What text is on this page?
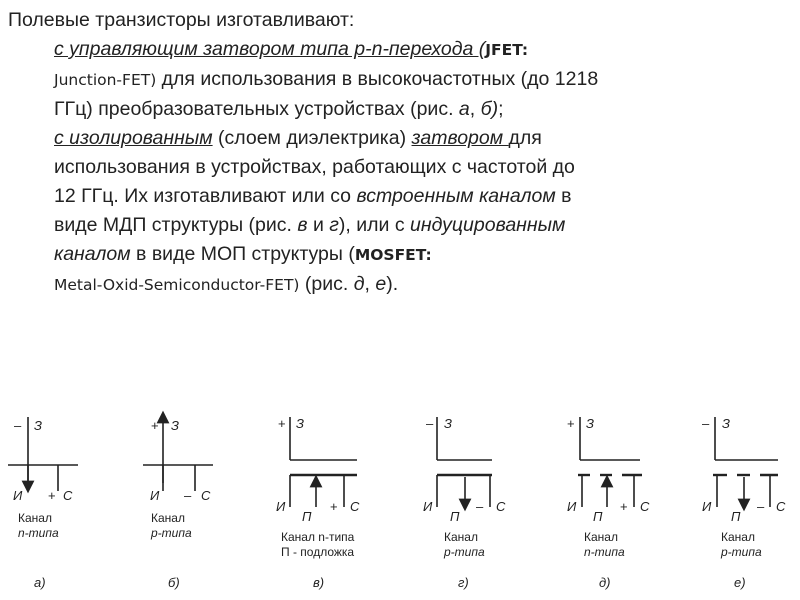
Полевые транзисторы изготавливают:
с управляющим затвором типа p-n-перехода (JFET:
Junction-FET) для использования в высокочастотных (до 1218
ГГц) преобразовательных устройствах (рис. а, б);
с изолированным (слоем диэлектрика) затвором для
использования в устройствах, работающих с частотой до
12 ГГц. Их изготавливают или со встроенным каналом в
виде МДП структуры (рис. в и г), или с индуцированным
каналом в виде МОП структуры (MOSFET:
Metal-Oxid-Semiconductor-FET) (рис. д, е).
– З
И + С
Канал
n-типа
а)
+ З
И – С
Канал
p-типа
б)
+ З
И
П
+ С
Канал n-типа
П - подложка
в)
– З
И
П
– С
Канал
p-типа
г)
+ З
И
П
+ С
Канал
n-типа
д)
– З
И
П
– С
Канал
p-типа
е)
